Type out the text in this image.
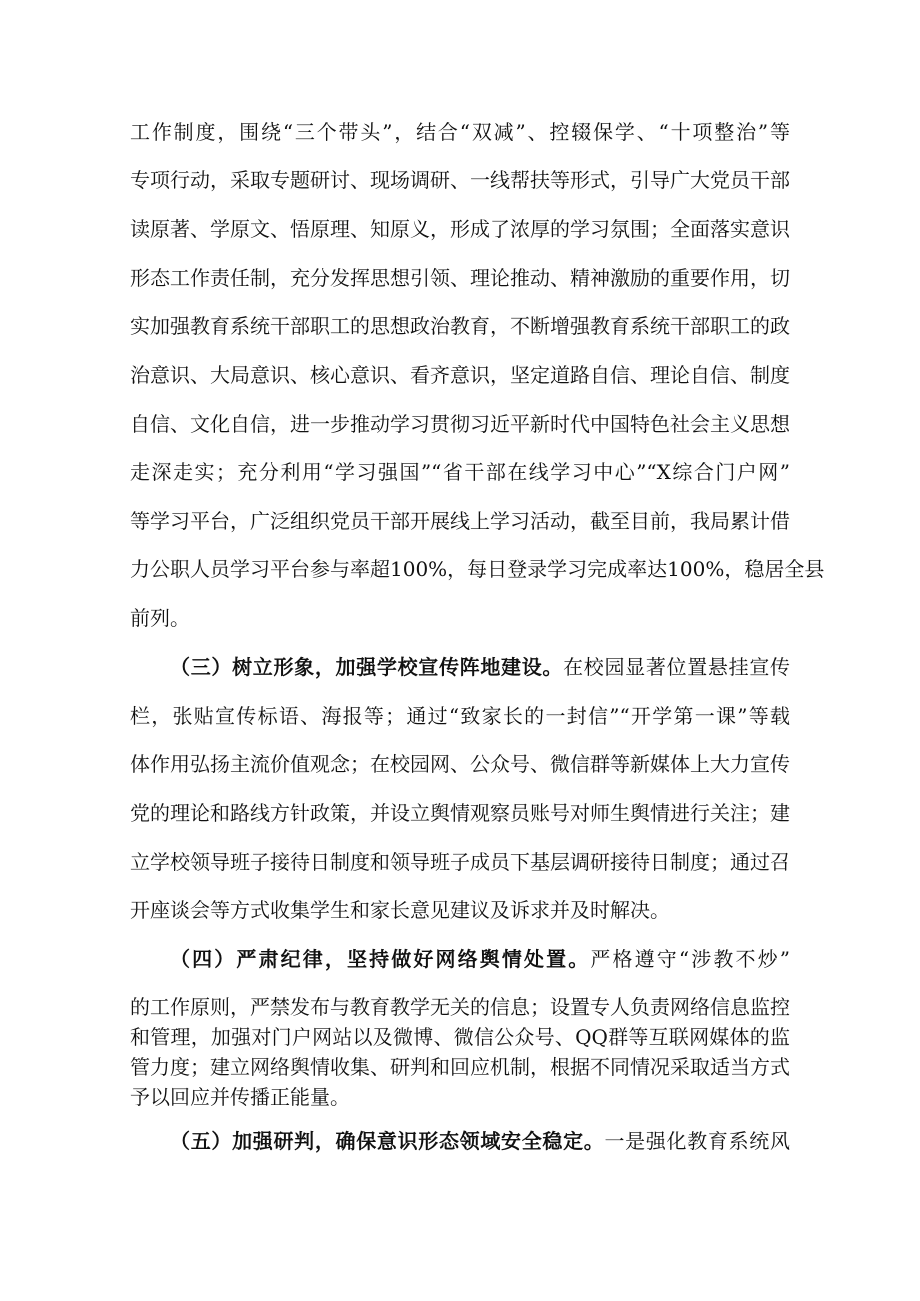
工作制度，围绕“三个带头”，结合“双减”、控辍保学、“十项整治”等
专项行动，采取专题研讨、现场调研、一线帮扶等形式，引导广大党员干部
读原著、学原文、悟原理、知原义，形成了浓厚的学习氛围；全面落实意识
形态工作责任制，充分发挥思想引领、理论推动、精神激励的重要作用，切
实加强教育系统干部职工的思想政治教育，不断增强教育系统干部职工的政
治意识、大局意识、核心意识、看齐意识，坚定道路自信、理论自信、制度
自信、文化自信，进一步推动学习贯彻习近平新时代中国特色社会主义思想
走深走实；充分利用“学习强国”“省干部在线学习中心”“X综合门户网”
等学习平台，广泛组织党员干部开展线上学习活动，截至目前，我局累计借
力公职人员学习平台参与率超100%，每日登录学习完成率达100%，稳居全县
前列。
（三）树立形象，加强学校宣传阵地建设。在校园显著位置悬挂宣传
栏，张贴宣传标语、海报等；通过“致家长的一封信”“开学第一课”等载
体作用弘扬主流价值观念；在校园网、公众号、微信群等新媒体上大力宣传
党的理论和路线方针政策，并设立舆情观察员账号对师生舆情进行关注；建
立学校领导班子接待日制度和领导班子成员下基层调研接待日制度；通过召
开座谈会等方式收集学生和家长意见建议及诉求并及时解决。
（四）严肃纪律，坚持做好网络舆情处置。严格遵守“涉教不炒”
的工作原则，严禁发布与教育教学无关的信息；设置专人负责网络信息监控
和管理，加强对门户网站以及微博、微信公众号、QQ群等互联网媒体的监
管力度；建立网络舆情收集、研判和回应机制，根据不同情况采取适当方式
予以回应并传播正能量。
（五）加强研判，确保意识形态领域安全稳定。一是强化教育系统风
